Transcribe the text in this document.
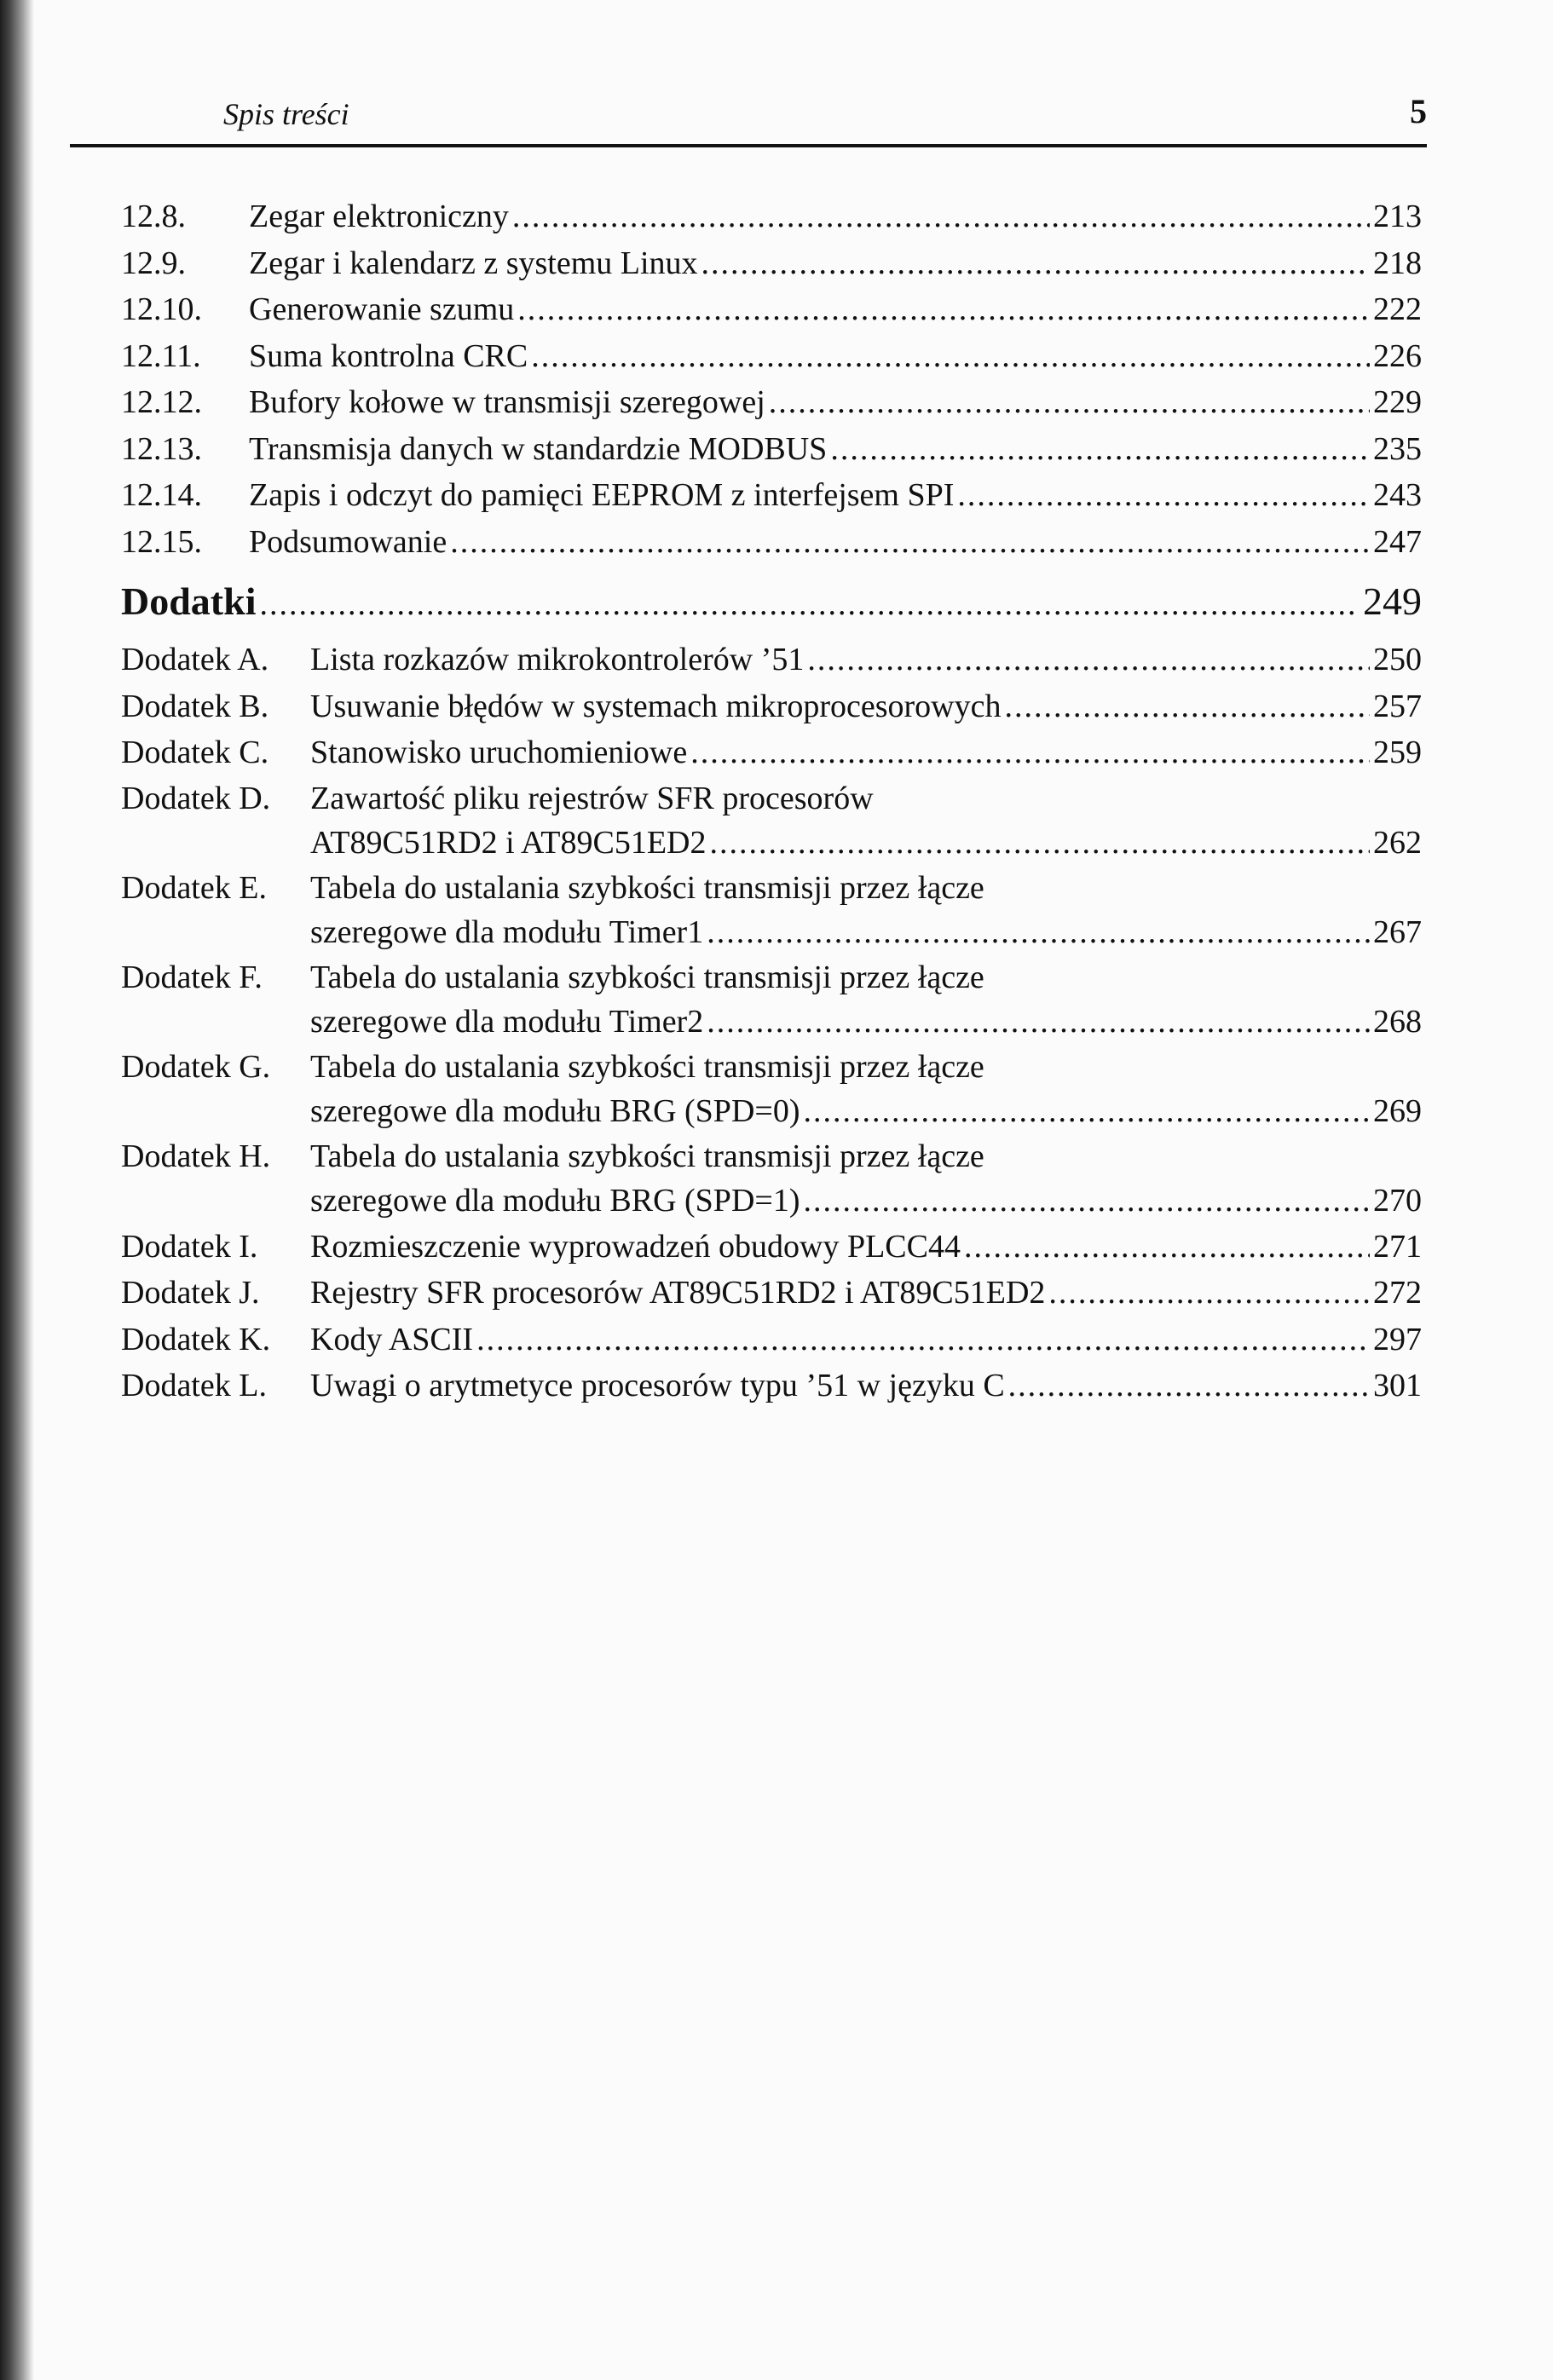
Spis treści	5
12.8. Zegar elektroniczny .....	213
12.9. Zegar i kalendarz z systemu Linux .....	218
12.10. Generowanie szumu .....	222
12.11. Suma kontrolna CRC .....	226
12.12. Bufory kołowe w transmisji szeregowej .....	229
12.13. Transmisja danych w standardzie MODBUS .....	235
12.14. Zapis i odczyt do pamięci EEPROM z interfejsem SPI .....	243
12.15. Podsumowanie .....	247
Dodatki .....	249
Dodatek A. Lista rozkazów mikrokontrolerów ’51 .....	250
Dodatek B. Usuwanie błędów w systemach mikroprocesorowych .....	257
Dodatek C. Stanowisko uruchomieniowe .....	259
Dodatek D. Zawartość pliku rejestrów SFR procesorów
AT89C51RD2 i AT89C51ED2 .....	262
Dodatek E. Tabela do ustalania szybkości transmisji przez łącze
szeregowe dla modułu Timer1 .....	267
Dodatek F. Tabela do ustalania szybkości transmisji przez łącze
szeregowe dla modułu Timer2 .....	268
Dodatek G. Tabela do ustalania szybkości transmisji przez łącze
szeregowe dla modułu BRG (SPD=0) .....	269
Dodatek H. Tabela do ustalania szybkości transmisji przez łącze
szeregowe dla modułu BRG (SPD=1) .....	270
Dodatek I. Rozmieszczenie wyprowadzeń obudowy PLCC44 .....	271
Dodatek J. Rejestry SFR procesorów AT89C51RD2 i AT89C51ED2 .....	272
Dodatek K. Kody ASCII .....	297
Dodatek L. Uwagi o arytmetyce procesorów typu ’51 w języku C .....	301
